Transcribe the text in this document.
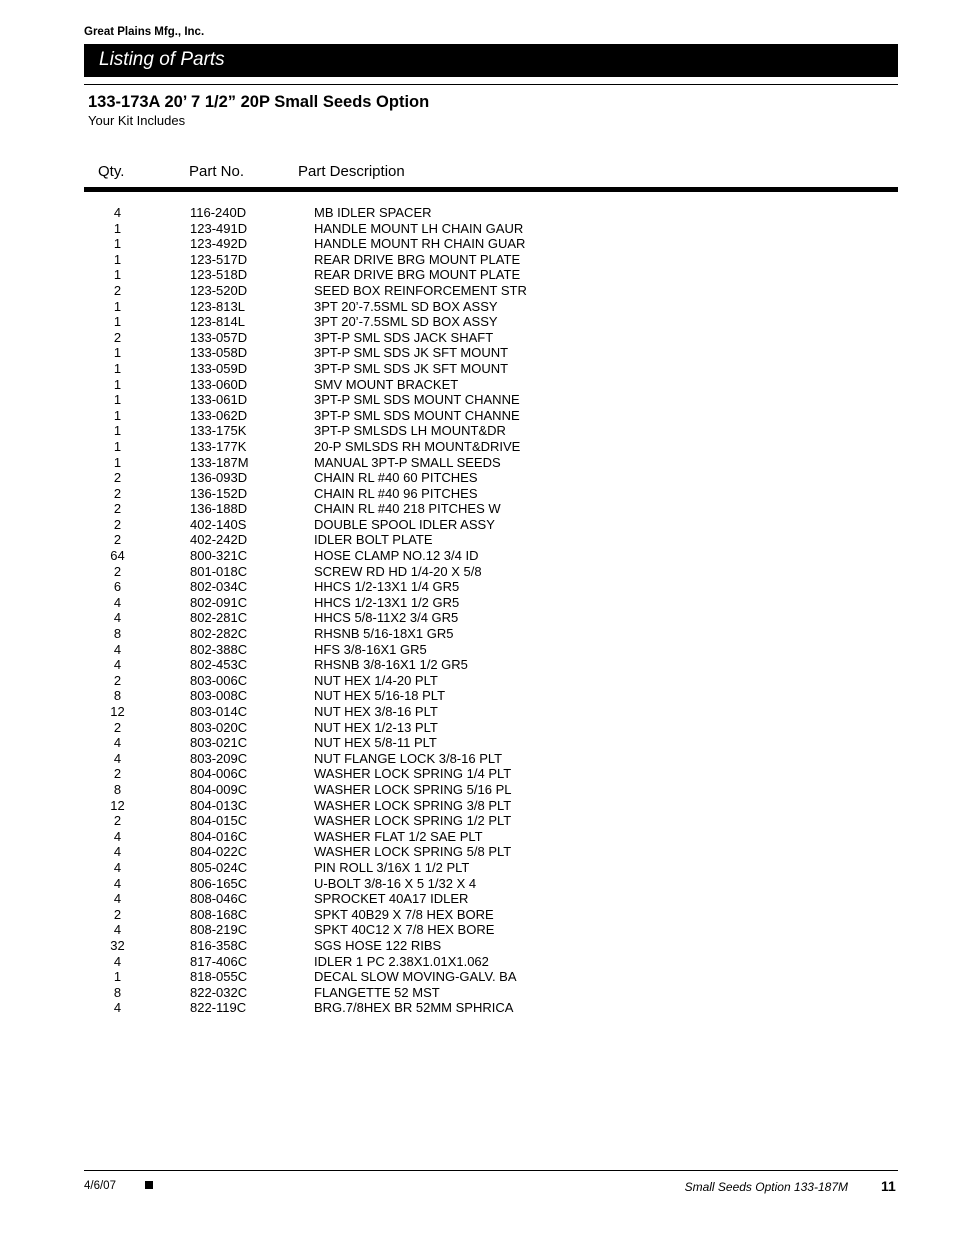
Great Plains Mfg., Inc.
Listing of Parts
133-173A 20’ 7 1/2” 20P Small Seeds Option
Your Kit Includes
Qty.	Part No.	Part Description
4	116-240D	MB IDLER SPACER
1	123-491D	HANDLE MOUNT LH CHAIN GAUR
1	123-492D	HANDLE MOUNT RH CHAIN GUAR
1	123-517D	REAR DRIVE BRG MOUNT PLATE
1	123-518D	REAR DRIVE BRG MOUNT PLATE
2	123-520D	SEED BOX REINFORCEMENT STR
1	123-813L	3PT 20’-7.5SML SD BOX ASSY
1	123-814L	3PT 20’-7.5SML SD BOX ASSY
2	133-057D	3PT-P SML SDS JACK SHAFT
1	133-058D	3PT-P SML SDS JK SFT MOUNT
1	133-059D	3PT-P SML SDS JK SFT MOUNT
1	133-060D	SMV MOUNT BRACKET
1	133-061D	3PT-P SML SDS MOUNT CHANNE
1	133-062D	3PT-P SML SDS MOUNT CHANNE
1	133-175K	3PT-P SMLSDS LH MOUNT&DR
1	133-177K	20-P SMLSDS RH MOUNT&DRIVE
1	133-187M	MANUAL 3PT-P SMALL SEEDS
2	136-093D	CHAIN RL #40 60 PITCHES
2	136-152D	CHAIN RL #40 96 PITCHES
2	136-188D	CHAIN RL #40 218 PITCHES W
2	402-140S	DOUBLE SPOOL IDLER ASSY
2	402-242D	IDLER BOLT PLATE
64	800-321C	HOSE CLAMP NO.12 3/4 ID
2	801-018C	SCREW RD HD 1/4-20 X 5/8
6	802-034C	HHCS 1/2-13X1 1/4 GR5
4	802-091C	HHCS 1/2-13X1 1/2 GR5
4	802-281C	HHCS 5/8-11X2 3/4 GR5
8	802-282C	RHSNB 5/16-18X1 GR5
4	802-388C	HFS 3/8-16X1 GR5
4	802-453C	RHSNB 3/8-16X1 1/2 GR5
2	803-006C	NUT HEX 1/4-20 PLT
8	803-008C	NUT HEX 5/16-18 PLT
12	803-014C	NUT HEX 3/8-16 PLT
2	803-020C	NUT HEX 1/2-13 PLT
4	803-021C	NUT HEX 5/8-11 PLT
4	803-209C	NUT FLANGE LOCK 3/8-16 PLT
2	804-006C	WASHER LOCK SPRING 1/4 PLT
8	804-009C	WASHER LOCK SPRING 5/16 PL
12	804-013C	WASHER LOCK SPRING 3/8 PLT
2	804-015C	WASHER LOCK SPRING 1/2 PLT
4	804-016C	WASHER FLAT 1/2 SAE PLT
4	804-022C	WASHER LOCK SPRING 5/8 PLT
4	805-024C	PIN ROLL 3/16X 1 1/2 PLT
4	806-165C	U-BOLT 3/8-16 X 5 1/32 X 4
4	808-046C	SPROCKET 40A17 IDLER
2	808-168C	SPKT 40B29 X 7/8 HEX BORE
4	808-219C	SPKT 40C12 X 7/8 HEX BORE
32	816-358C	SGS HOSE 122 RIBS
4	817-406C	IDLER 1 PC 2.38X1.01X1.062
1	818-055C	DECAL SLOW MOVING-GALV. BA
8	822-032C	FLANGETTE 52 MST
4	822-119C	BRG.7/8HEX BR 52MM SPHRICA
4/6/07	Small Seeds Option 133-187M 11
